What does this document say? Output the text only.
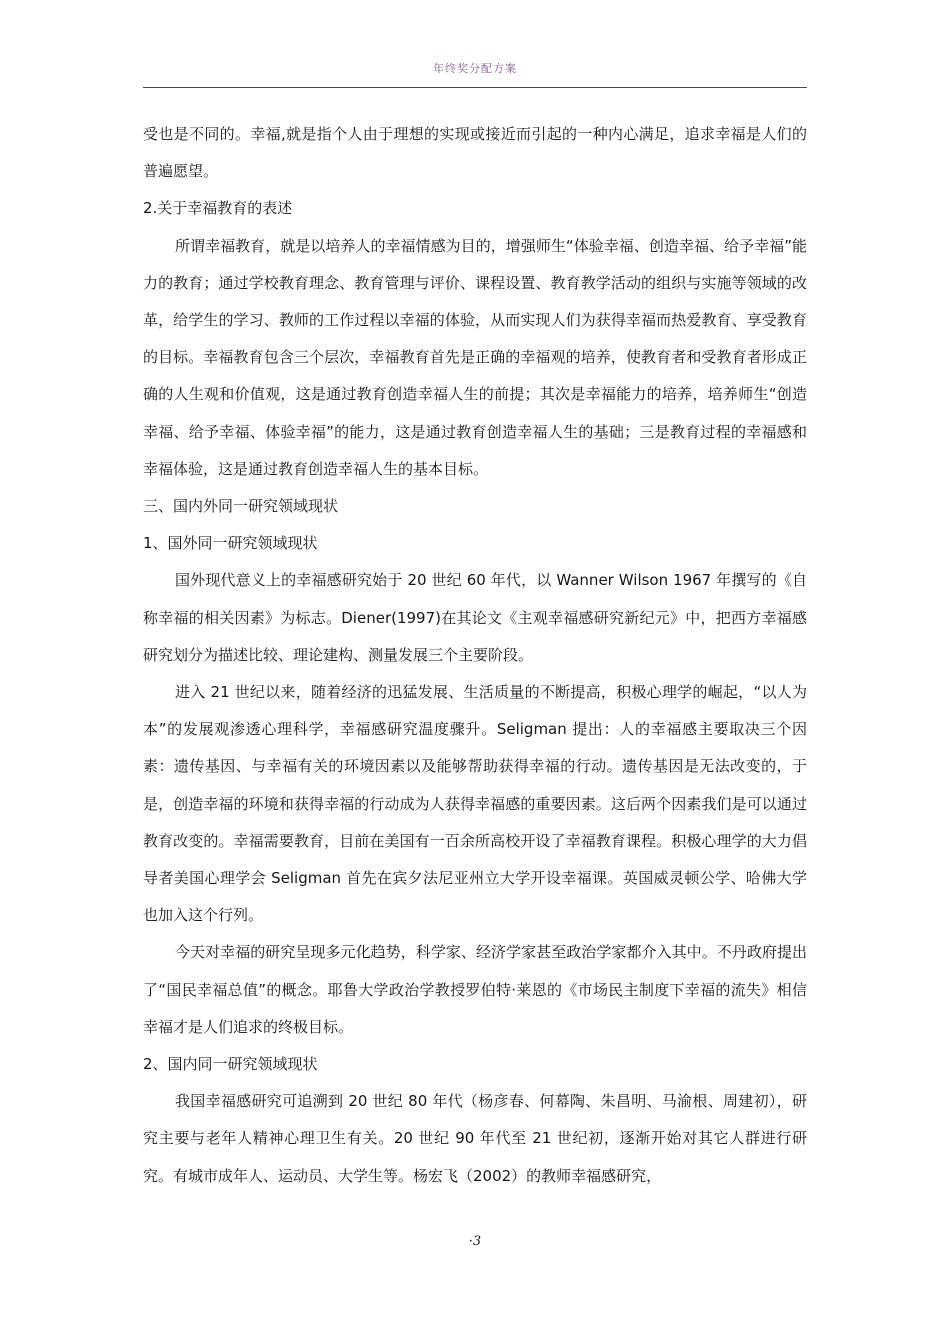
年终奖分配方案

受也是不同的。幸福,就是指个人由于理想的实现或接近而引起的一种内心满足，追求幸福是人们的普遍愿望。

2.关于幸福教育的表述

所谓幸福教育，就是以培养人的幸福情感为目的，增强师生“体验幸福、创造幸福、给予幸福”能力的教育；通过学校教育理念、教育管理与评价、课程设置、教育教学活动的组织与实施等领域的改革，给学生的学习、教师的工作过程以幸福的体验，从而实现人们为获得幸福而热爱教育、享受教育的目标。幸福教育包含三个层次，幸福教育首先是正确的幸福观的培养，使教育者和受教育者形成正确的人生观和价值观，这是通过教育创造幸福人生的前提；其次是幸福能力的培养，培养师生“创造幸福、给予幸福、体验幸福”的能力，这是通过教育创造幸福人生的基础；三是教育过程的幸福感和幸福体验，这是通过教育创造幸福人生的基本目标。

三、国内外同一研究领域现状

1、国外同一研究领域现状

国外现代意义上的幸福感研究始于 20 世纪 60 年代，以 Wanner Wilson 1967 年撰写的《自称幸福的相关因素》为标志。Diener(1997)在其论文《主观幸福感研究新纪元》中，把西方幸福感研究划分为描述比较、理论建构、测量发展三个主要阶段。

进入 21 世纪以来，随着经济的迅猛发展、生活质量的不断提高，积极心理学的崛起，“以人为本”的发展观渗透心理科学，幸福感研究温度骤升。Seligman 提出：人的幸福感主要取决三个因素：遗传基因、与幸福有关的环境因素以及能够帮助获得幸福的行动。遗传基因是无法改变的，于是，创造幸福的环境和获得幸福的行动成为人获得幸福感的重要因素。这后两个因素我们是可以通过教育改变的。幸福需要教育，目前在美国有一百余所高校开设了幸福教育课程。积极心理学的大力倡导者美国心理学会 Seligman 首先在宾夕法尼亚州立大学开设幸福课。英国威灵顿公学、哈佛大学也加入这个行列。

今天对幸福的研究呈现多元化趋势，科学家、经济学家甚至政治学家都介入其中。不丹政府提出了“国民幸福总值”的概念。耶鲁大学政治学教授罗伯特·莱恩的《市场民主制度下幸福的流失》相信幸福才是人们追求的终极目标。

2、国内同一研究领域现状

我国幸福感研究可追溯到 20 世纪 80 年代（杨彦春、何幕陶、朱昌明、马渝根、周建初），研究主要与老年人精神心理卫生有关。20 世纪 90 年代至 21 世纪初，逐渐开始对其它人群进行研究。有城市成年人、运动员、大学生等。杨宏飞（2002）的教师幸福感研究，

·3
